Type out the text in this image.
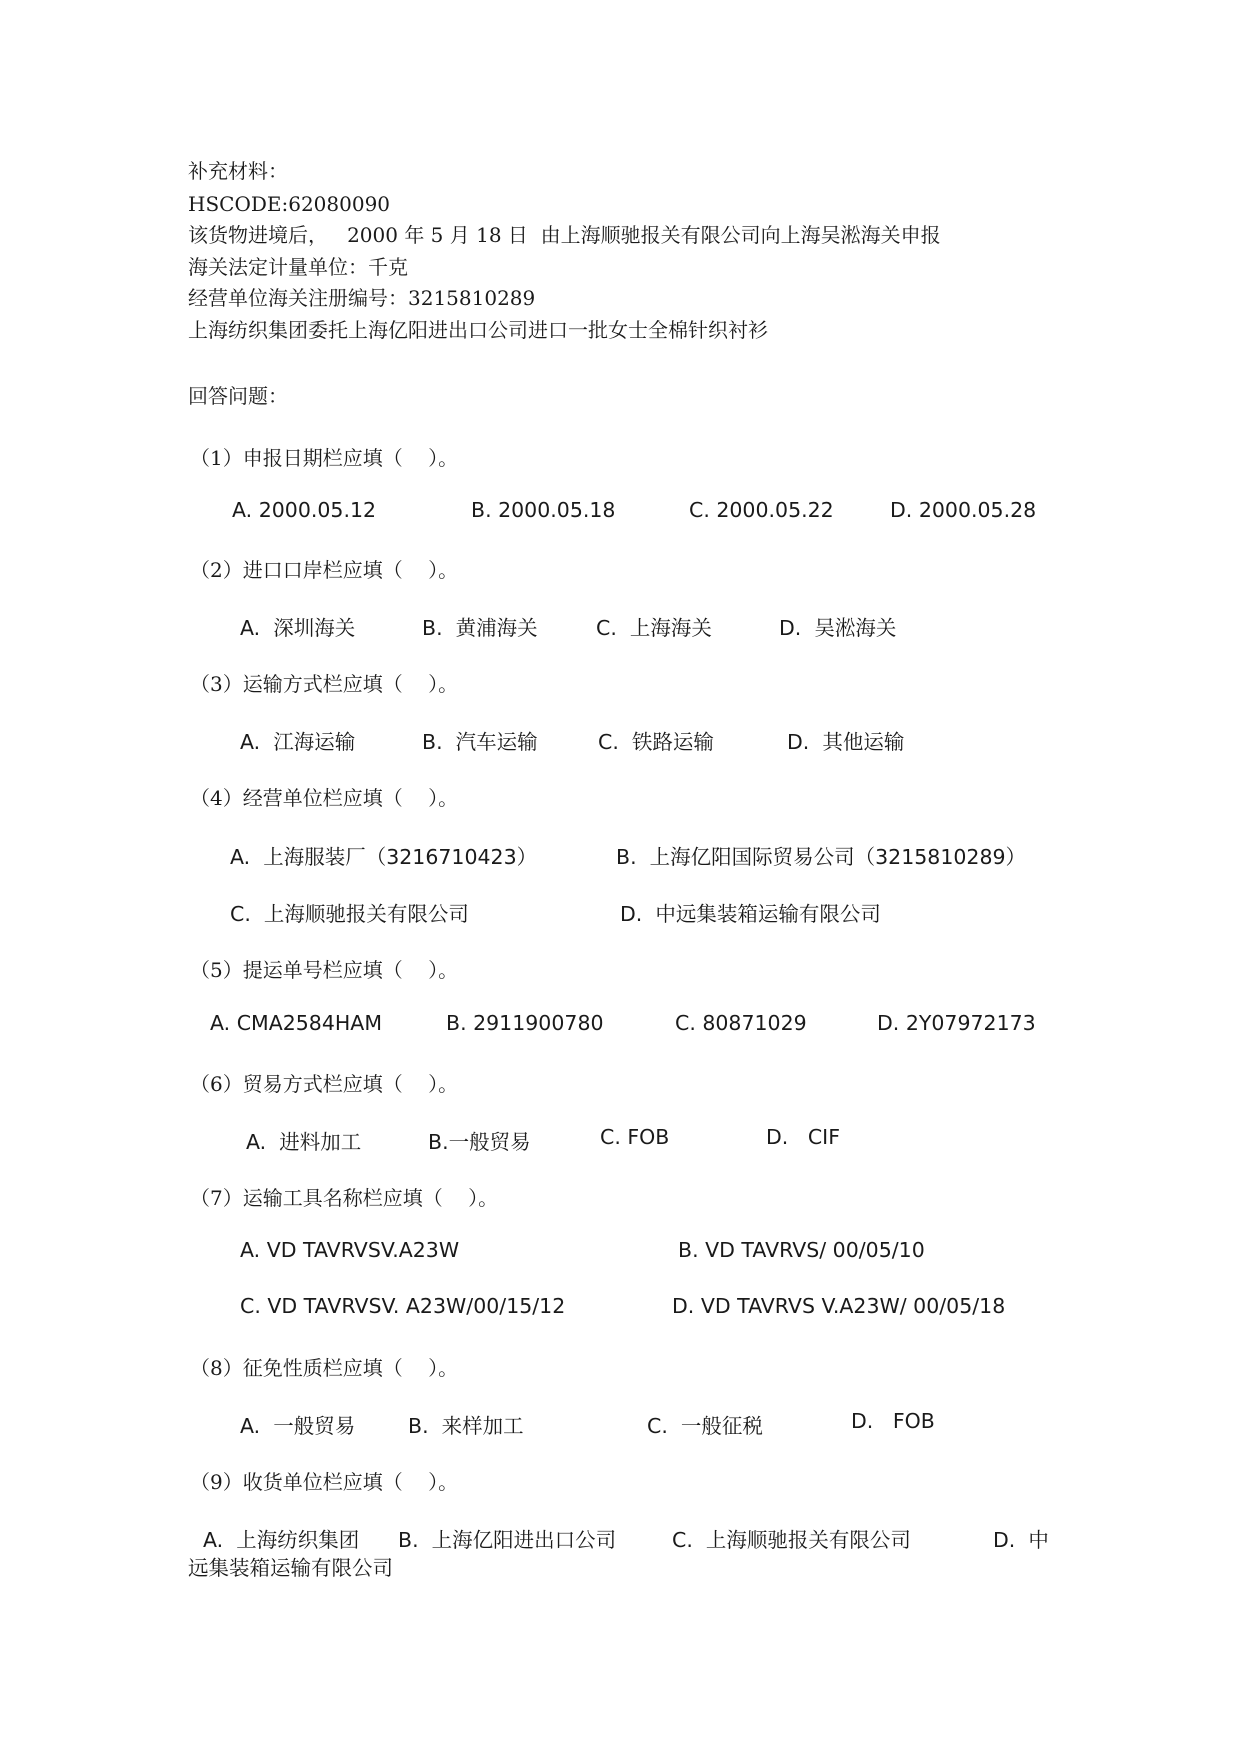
补充材料：
HSCODE:62080090
该货物进境后，   2000 年 5 月 18 日  由上海顺驰报关有限公司向上海吴淞海关申报
海关法定计量单位：千克
经营单位海关注册编号：3215810289
上海纺织集团委托上海亿阳进出口公司进口一批女士全棉针织衬衫
回答问题：
（1）申报日期栏应填（    ）。
A. 2000.05.12	B. 2000.05.18	C. 2000.05.22	D. 2000.05.28
（2）进口口岸栏应填（    ）。
A.  深圳海关	B.  黄浦海关	C.  上海海关	D.  吴淞海关
（3）运输方式栏应填（    ）。
A.  江海运输	B.  汽车运输	C.  铁路运输	D.  其他运输
（4）经营单位栏应填（    ）。
A.  上海服装厂（3216710423）	B.  上海亿阳国际贸易公司（3215810289）
C.  上海顺驰报关有限公司	D.  中远集装箱运输有限公司
（5）提运单号栏应填（    ）。
A. CMA2584HAM	B. 2911900780	C. 80871029	D. 2Y07972173
（6）贸易方式栏应填（    ）。
A.  进料加工	B.一般贸易	C. FOB	D.   CIF
（7）运输工具名称栏应填（    ）。
A. VD TAVRVSV.A23W	B. VD TAVRVS/ 00/05/10
C. VD TAVRVSV. A23W/00/15/12	D. VD TAVRVS V.A23W/ 00/05/18
（8）征免性质栏应填（    ）。
A.  一般贸易	B.  来样加工	C.  一般征税	D.   FOB
（9）收货单位栏应填（    ）。
A.  上海纺织集团 B.  上海亿阳进出口公司	C.  上海顺驰报关有限公司	D.  中
远集装箱运输有限公司
